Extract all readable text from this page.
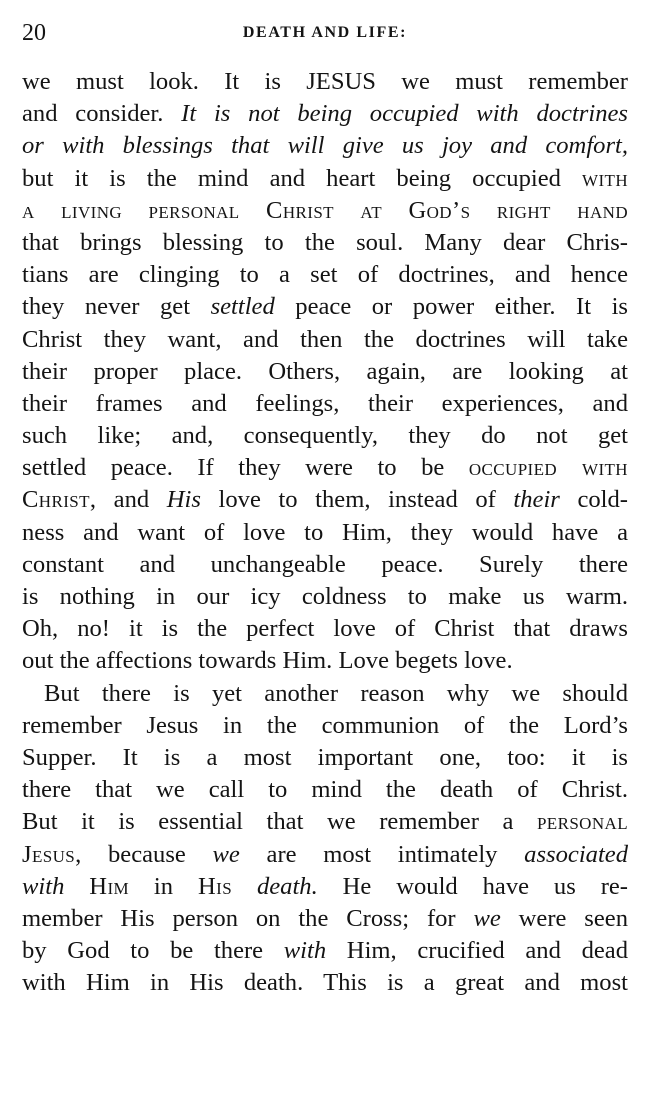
20	DEATH AND LIFE:
we must look. It is JESUS we must remember
and consider. It is not being occupied with doctrines
or with blessings that will give us joy and comfort,
but it is the mind and heart being occupied with
a living personal Christ at God’s right hand
that brings blessing to the soul. Many dear Chris-
tians are clinging to a set of doctrines, and hence
they never get settled peace or power either. It is
Christ they want, and then the doctrines will take
their proper place. Others, again, are looking at
their frames and feelings, their experiences, and
such like; and, consequently, they do not get
settled peace. If they were to be occupied with
Christ, and His love to them, instead of their cold-
ness and want of love to Him, they would have a
constant and unchangeable peace. Surely there
is nothing in our icy coldness to make us warm.
Oh, no! it is the perfect love of Christ that draws
out the affections towards Him. Love begets love.
But there is yet another reason why we should
remember Jesus in the communion of the Lord’s
Supper. It is a most important one, too: it is
there that we call to mind the death of Christ.
But it is essential that we remember a personal
Jesus, because we are most intimately associated
with Him in His death. He would have us re-
member His person on the Cross; for we were seen
by God to be there with Him, crucified and dead
with Him in His death. This is a great and most
